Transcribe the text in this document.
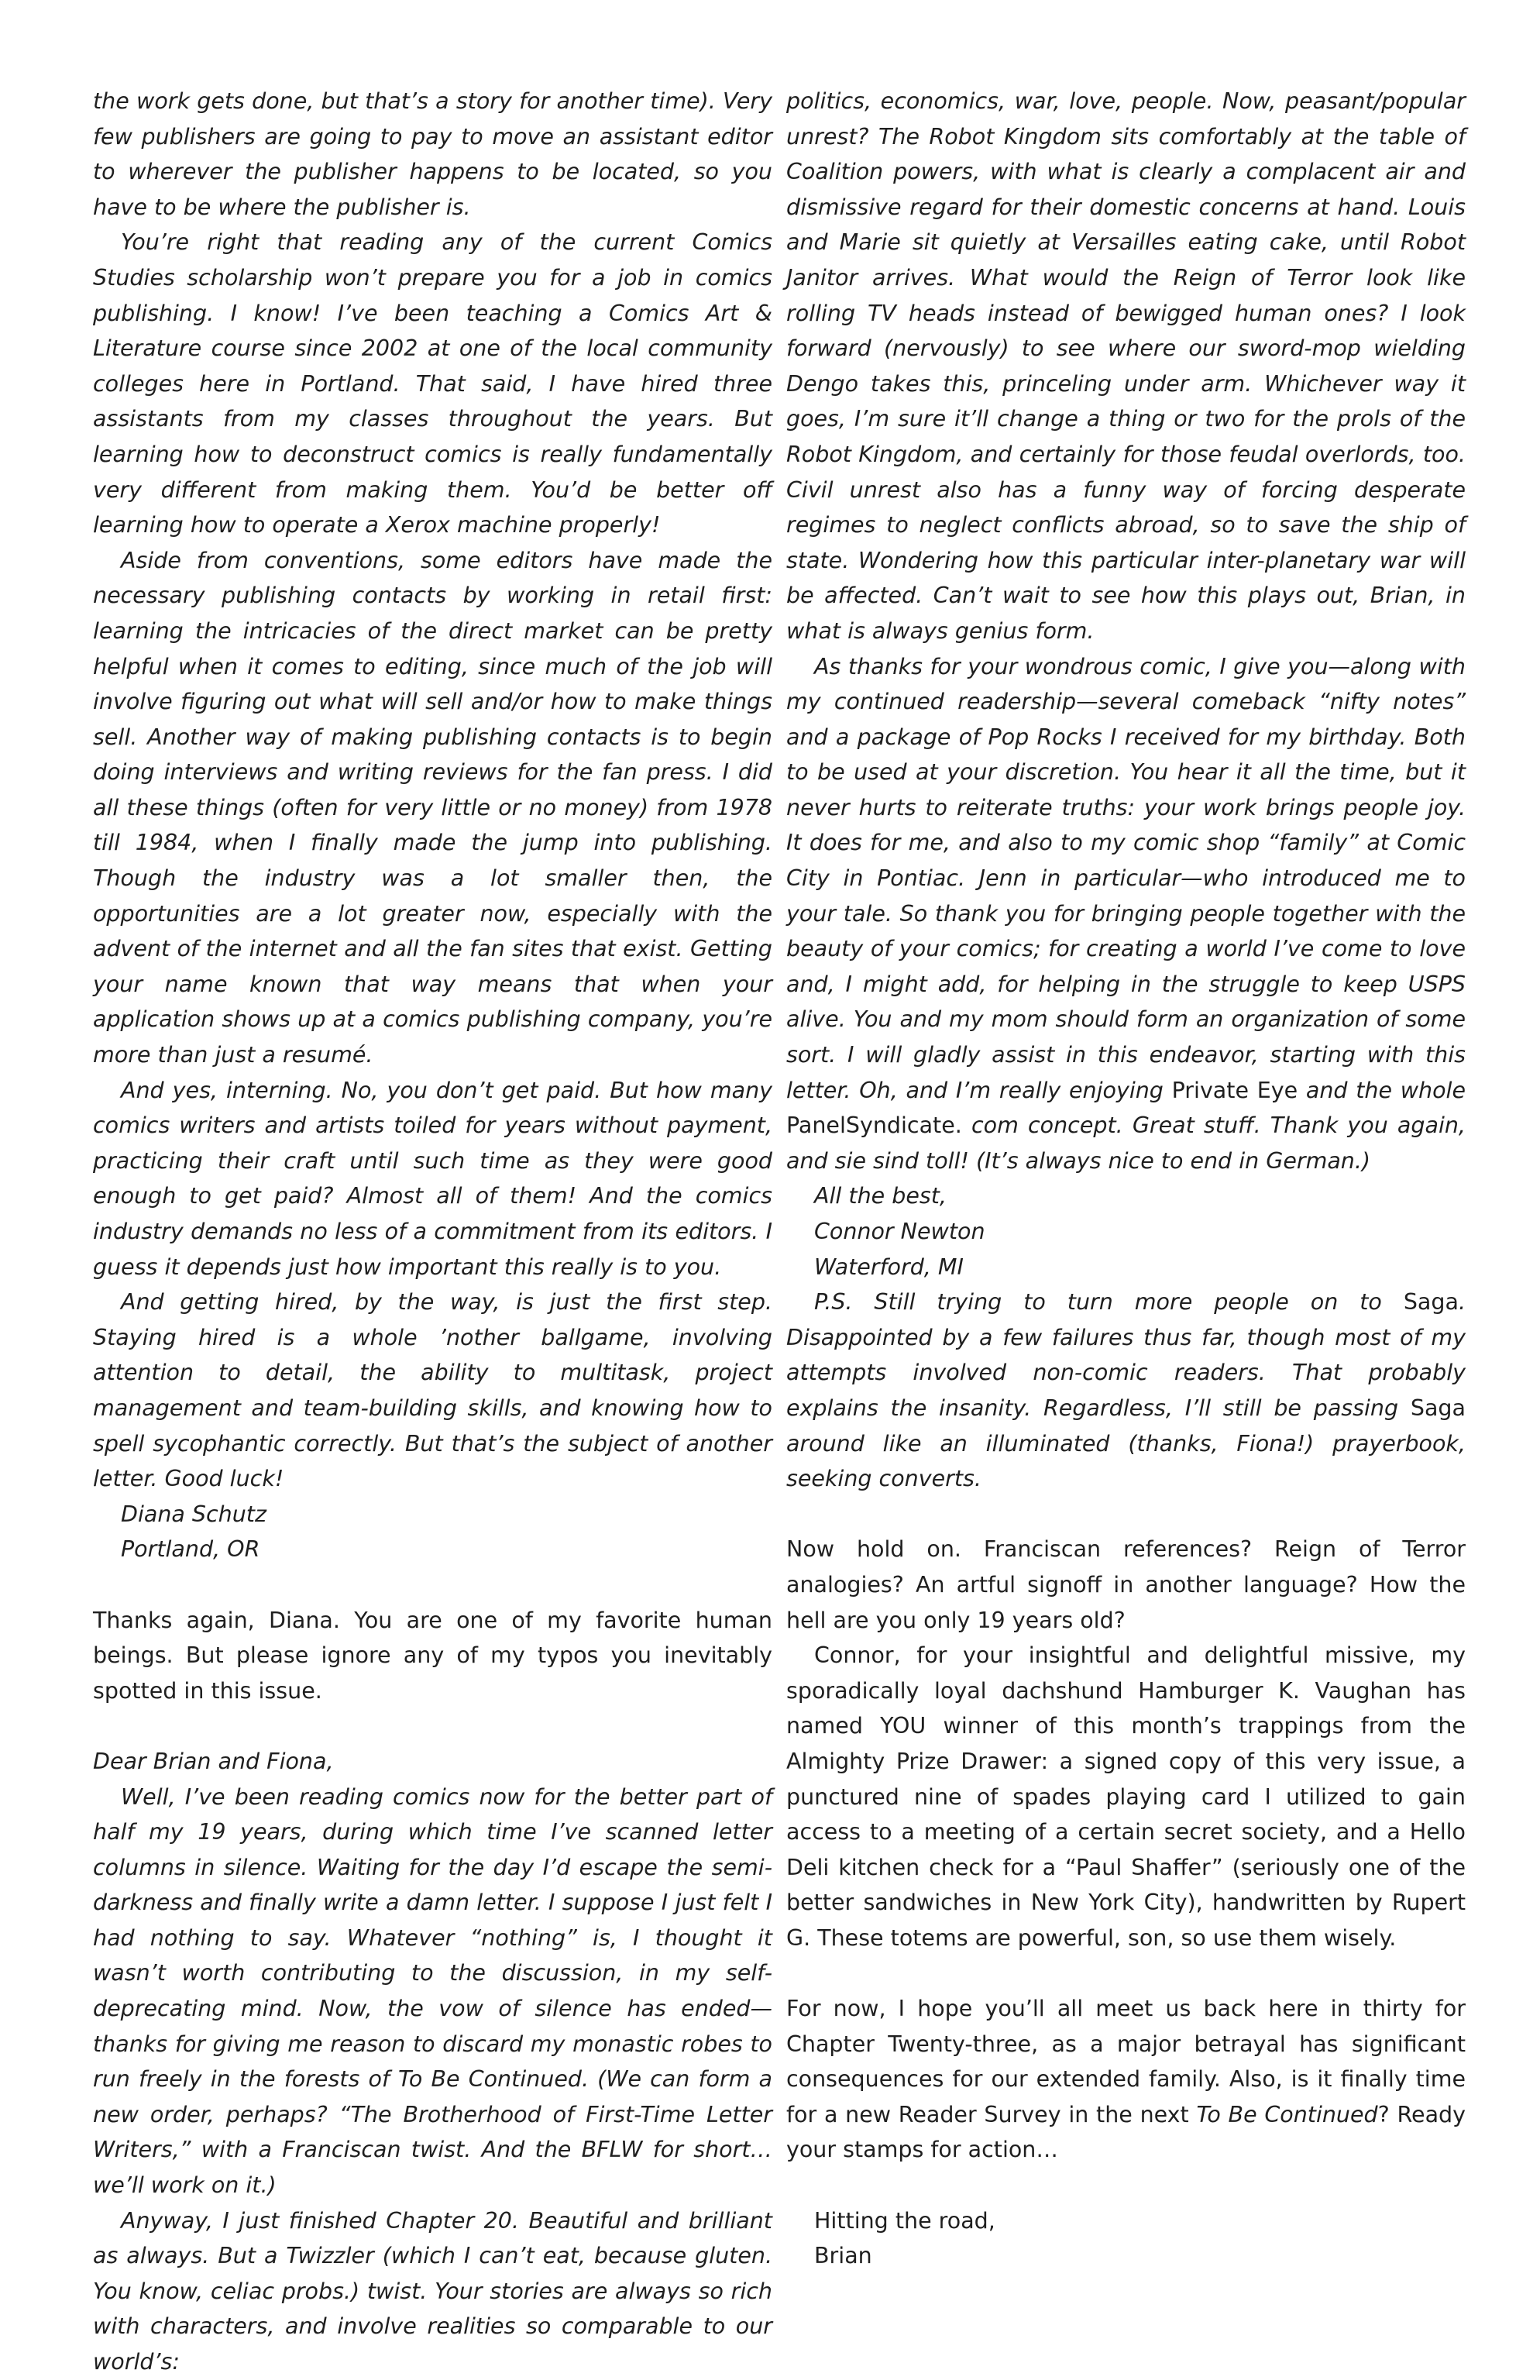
the work gets done, but that’s a story for another time). Very few publishers are going to pay to move an assistant editor to wherever the publisher happens to be located, so you have to be where the publisher is.

You’re right that reading any of the current Comics Studies scholarship won’t prepare you for a job in comics publishing. I know! I’ve been teaching a Comics Art & Literature course since 2002 at one of the local community colleges here in Portland. That said, I have hired three assistants from my classes throughout the years. But learning how to deconstruct comics is really fundamentally very different from making them. You’d be better off learning how to operate a Xerox machine properly!

Aside from conventions, some editors have made the necessary publishing contacts by working in retail first: learning the intricacies of the direct market can be pretty helpful when it comes to editing, since much of the job will involve figuring out what will sell and/or how to make things sell. Another way of making publishing contacts is to begin doing interviews and writing reviews for the fan press. I did all these things (often for very little or no money) from 1978 till 1984, when I finally made the jump into publishing. Though the industry was a lot smaller then, the opportunities are a lot greater now, especially with the advent of the internet and all the fan sites that exist. Getting your name known that way means that when your application shows up at a comics publishing company, you’re more than just a resumé.

And yes, interning. No, you don’t get paid. But how many comics writers and artists toiled for years without payment, practicing their craft until such time as they were good enough to get paid? Almost all of them! And the comics industry demands no less of a commitment from its editors. I guess it depends just how important this really is to you.

And getting hired, by the way, is just the first step. Staying hired is a whole ’nother ballgame, involving attention to detail, the ability to multitask, project management and team-building skills, and knowing how to spell sycophantic correctly. But that’s the subject of another letter. Good luck!

Diana Schutz

Portland, OR

Thanks again, Diana. You are one of my favorite human beings. But please ignore any of my typos you inevitably spotted in this issue.

Dear Brian and Fiona,

Well, I’ve been reading comics now for the better part of half my 19 years, during which time I’ve scanned letter columns in silence. Waiting for the day I’d escape the semi-darkness and finally write a damn letter. I suppose I just felt I had nothing to say. Whatever “nothing” is, I thought it wasn’t worth contributing to the discussion, in my self-deprecating mind. Now, the vow of silence has ended—thanks for giving me reason to discard my monastic robes to run freely in the forests of To Be Continued. (We can form a new order, perhaps? “The Brotherhood of First-Time Letter Writers,” with a Franciscan twist. And the BFLW for short…we’ll work on it.)

Anyway, I just finished Chapter 20. Beautiful and brilliant as always. But a Twizzler (which I can’t eat, because gluten. You know, celiac probs.) twist. Your stories are always so rich with characters, and involve realities so comparable to our world’s:

politics, economics, war, love, people. Now, peasant/popular unrest? The Robot Kingdom sits comfortably at the table of Coalition powers, with what is clearly a complacent air and dismissive regard for their domestic concerns at hand. Louis and Marie sit quietly at Versailles eating cake, until Robot Janitor arrives. What would the Reign of Terror look like rolling TV heads instead of bewigged human ones? I look forward (nervously) to see where our sword-mop wielding Dengo takes this, princeling under arm. Whichever way it goes, I’m sure it’ll change a thing or two for the prols of the Robot Kingdom, and certainly for those feudal overlords, too. Civil unrest also has a funny way of forcing desperate regimes to neglect conflicts abroad, so to save the ship of state. Wondering how this particular inter-planetary war will be affected. Can’t wait to see how this plays out, Brian, in what is always genius form.

As thanks for your wondrous comic, I give you—along with my continued readership—several comeback “nifty notes” and a package of Pop Rocks I received for my birthday. Both to be used at your discretion. You hear it all the time, but it never hurts to reiterate truths: your work brings people joy. It does for me, and also to my comic shop “family” at Comic City in Pontiac. Jenn in particular—who introduced me to your tale. So thank you for bringing people together with the beauty of your comics; for creating a world I’ve come to love and, I might add, for helping in the struggle to keep USPS alive. You and my mom should form an organization of some sort. I will gladly assist in this endeavor, starting with this letter. Oh, and I’m really enjoying Private Eye and the whole PanelSyndicate. com concept. Great stuff. Thank you again, and sie sind toll! (It’s always nice to end in German.)

All the best,

Connor Newton

Waterford, MI

P.S. Still trying to turn more people on to Saga. Disappointed by a few failures thus far, though most of my attempts involved non-comic readers. That probably explains the insanity. Regardless, I’ll still be passing Saga around like an illuminated (thanks, Fiona!) prayerbook, seeking converts.

Now hold on. Franciscan references? Reign of Terror analogies? An artful signoff in another language? How the hell are you only 19 years old?

Connor, for your insightful and delightful missive, my sporadically loyal dachshund Hamburger K. Vaughan has named YOU winner of this month’s trappings from the Almighty Prize Drawer: a signed copy of this very issue, a punctured nine of spades playing card I utilized to gain access to a meeting of a certain secret society, and a Hello Deli kitchen check for a “Paul Shaffer” (seriously one of the better sandwiches in New York City), handwritten by Rupert G. These totems are powerful, son, so use them wisely.

For now, I hope you’ll all meet us back here in thirty for Chapter Twenty-three, as a major betrayal has significant consequences for our extended family. Also, is it finally time for a new Reader Survey in the next To Be Continued? Ready your stamps for action…

Hitting the road,

Brian
